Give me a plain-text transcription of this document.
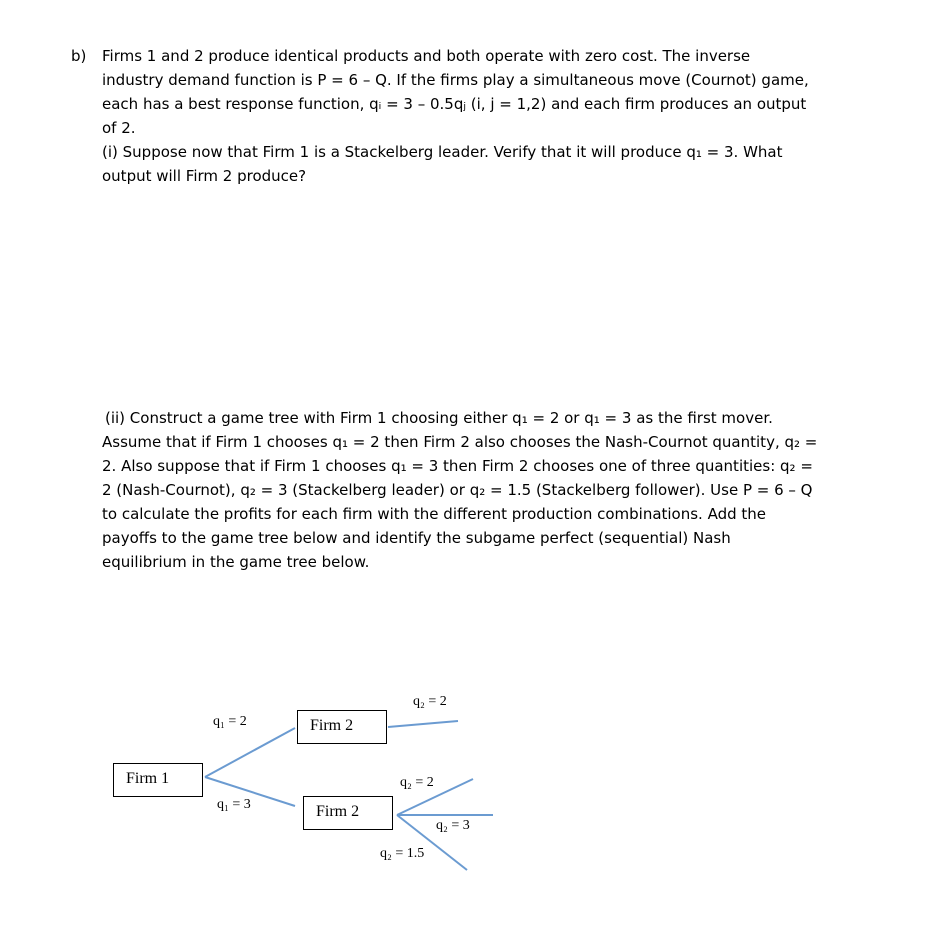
b) Firms 1 and 2 produce identical products and both operate with zero cost. The inverse
industry demand function is P = 6 – Q. If the firms play a simultaneous move (Cournot) game,
each has a best response function, qᵢ = 3 – 0.5qⱼ (i, j = 1,2) and each firm produces an output
of 2.
(i) Suppose now that Firm 1 is a Stackelberg leader. Verify that it will produce q₁ = 3. What
output will Firm 2 produce?
(ii) Construct a game tree with Firm 1 choosing either q₁ = 2 or q₁ = 3 as the first mover.
Assume that if Firm 1 chooses q₁ = 2 then Firm 2 also chooses the Nash-Cournot quantity, q₂ =
2. Also suppose that if Firm 1 chooses q₁ = 3 then Firm 2 chooses one of three quantities: q₂ =
2 (Nash-Cournot), q₂ = 3 (Stackelberg leader) or q₂ = 1.5 (Stackelberg follower). Use P = 6 – Q
to calculate the profits for each firm with the different production combinations. Add the
payoffs to the game tree below and identify the subgame perfect (sequential) Nash
equilibrium in the game tree below.
Firm 1
Firm 2
Firm 2
q₁ = 2
q₁ = 3
q₂ = 2
q₂ = 2
q₂ = 3
q₂ = 1.5
